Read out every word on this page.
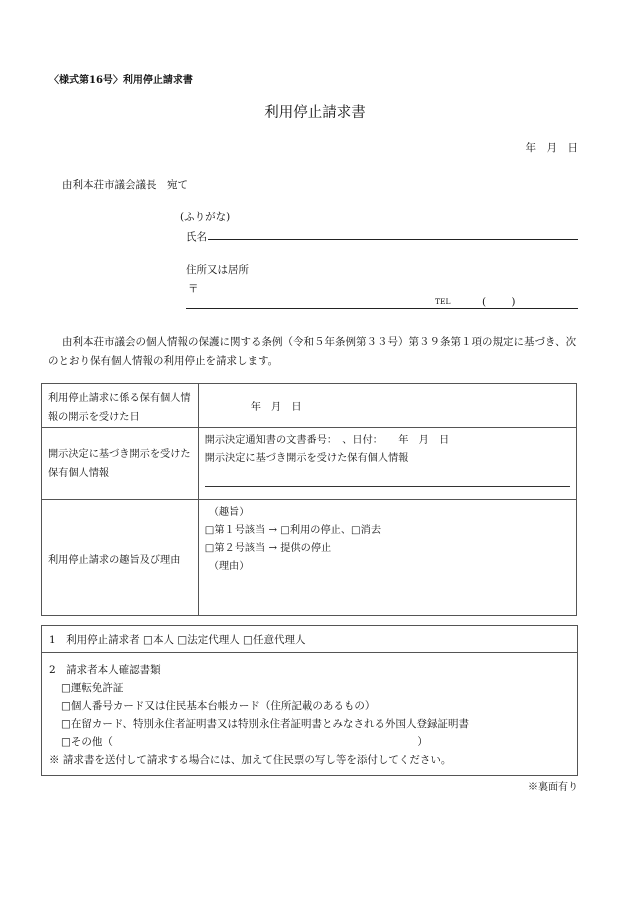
〈様式第16号〉利用停止請求書
利用停止請求書
年　月　日
由利本荘市議会議長　宛て
(ふりがな)
氏名
住所又は居所
〒
TEL	( )
由利本荘市議会の個人情報の保護に関する条例（令和５年条例第３３号）第３９条第１項の規定に基づき、次のとおり保有個人情報の利用停止を請求します。
利用停止請求に係る保有個人情報の開示を受けた日	年　月　日

開示決定に基づき開示を受けた保有個人情報	開示決定通知書の文書番号：　、日付：　　年　月　日
開示決定に基づき開示を受けた保有個人情報

利用停止請求の趣旨及び理由	（趣旨）
□第１号該当 → □利用の停止、□消去
□第２号該当 → 提供の停止
（理由）
1　利用停止請求者 □本人 □法定代理人 □任意代理人
2　請求者本人確認書類
□運転免許証
□個人番号カード又は住民基本台帳カード（住所記載のあるもの）
□在留カード、特別永住者証明書又は特別永住者証明書とみなされる外国人登録証明書
□その他（　　　　　　　　　　　　　　　　　　　　　　　　　　　　　）
※ 請求書を送付して請求する場合には、加えて住民票の写し等を添付してください。
※裏面有り
